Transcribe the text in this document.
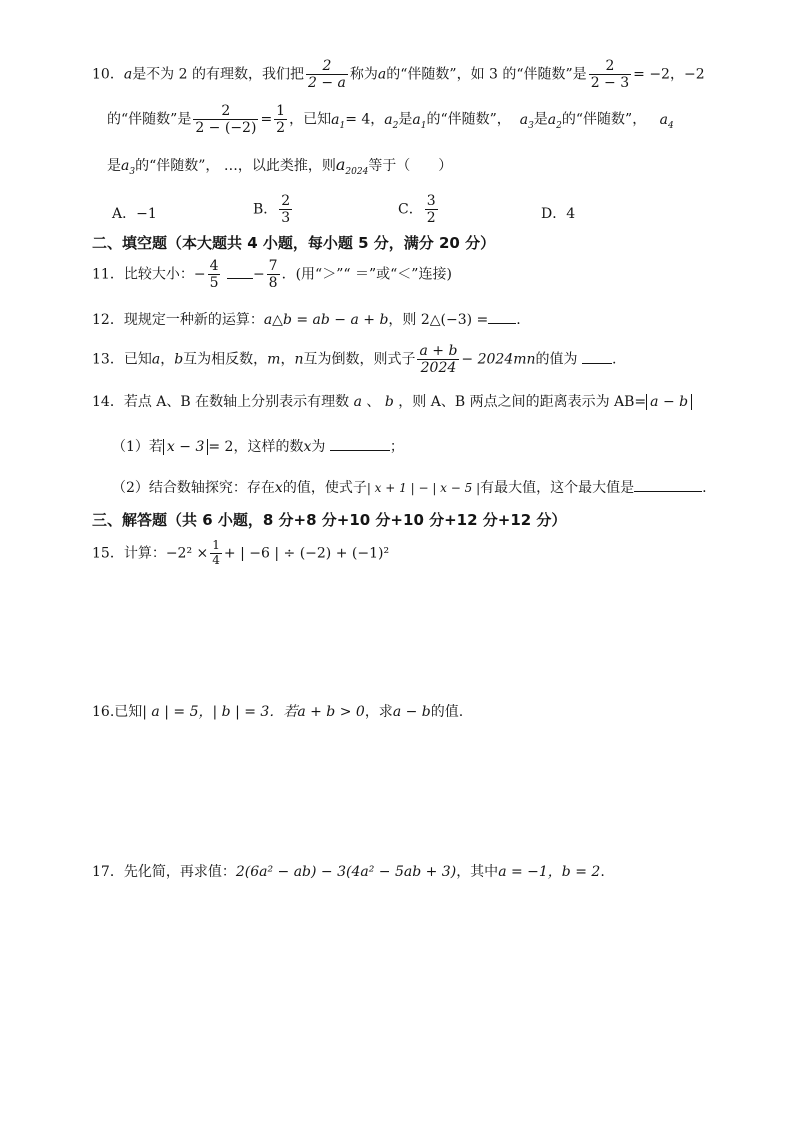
10．a是不为 2 的有理数，我们把 $\frac{2}{2 - a}$ 称为a的“伴随数”，如 3 的“伴随数”是 $\frac{2}{2 - 3} = -2$，−2
的“伴随数”是 $\frac{2}{2 - (-2)} = \frac{1}{2}$ ，已知$a_1= 4$，$a_2$是$a_1$的“伴随数”， $a_3$是$a_2$的“伴随数”， $a_4$
是$a_3$的“伴随数”， …，以此类推，则$a_{2024}$等于（　　）
A．−1	B． $\frac{2}{3}$	C． $\frac{3}{2}$	D．4
二、填空题（本大题共 4 小题，每小题 5 分，满分 20 分）
11．比较大小：− $\frac{4}{5} - \frac{7}{8}$ ．(用“＞”“ ＝”或“＜”连接)
12．现规定一种新的运算：a△b = ab − a + b，则 2△(−3) = .
13．已知a，b互为相反数，m，n互为倒数，则式子 $\frac{a + b}{2024} - 2024mn$的值为 .
14．若点 A、B 在数轴上分别表示有理数 a 、 b ，则 A、B 两点之间的距离表示为 AB= a − b
（1）若 x − 3 = 2，这样的数x为	；
（2）结合数轴探究：存在x的值，使式子| x + 1 | − | x − 5 |有最大值，这个最大值是	.
三、解答题（共 6 小题，8 分+8 分+10 分+10 分+12 分+12 分）
15．计算：$-2^2 \times \frac{1}{4}$ + | −6 | ÷ (−2) + (−1)²
16.已知| a | = 5，| b | = 3．若a + b > 0，求a − b的值.
17．先化简，再求值：2(6a² − ab) − 3(4a² − 5ab + 3)，其中a = −1，b = 2.
